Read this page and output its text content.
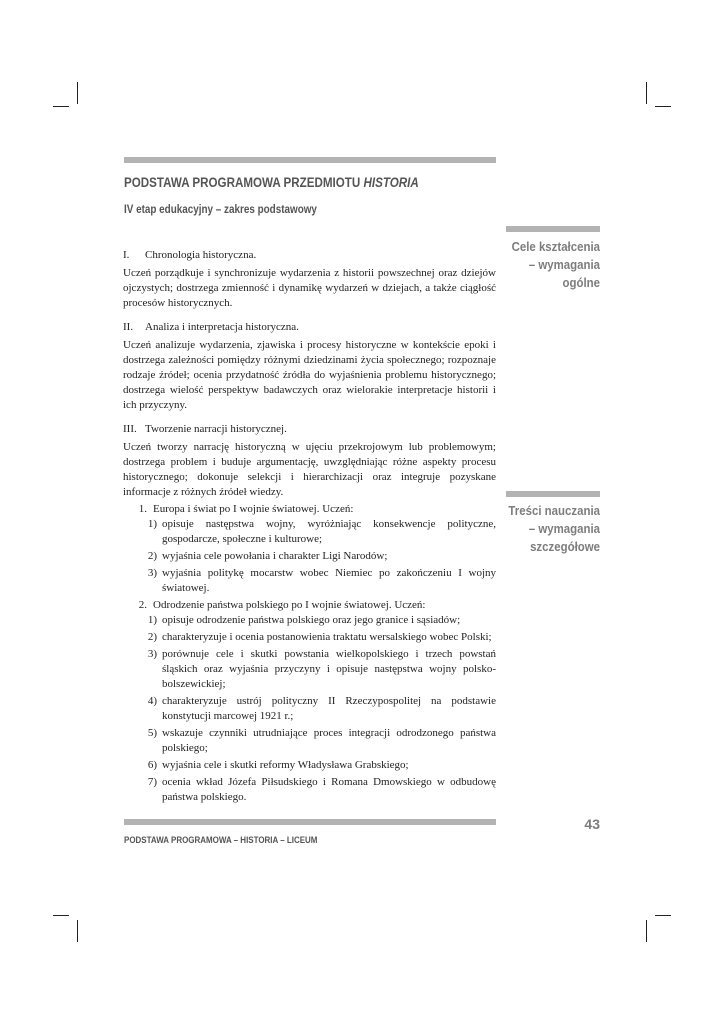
PODSTAWA PROGRAMOWA PRZEDMIOTU HISTORIA
IV etap edukacyjny – zakres podstawowy
Cele kształcenia
– wymagania
ogólne

I. Chronologia historyczna.

Uczeń porządkuje i synchronizuje wydarzenia z historii powszechnej oraz dziejów ojczystych; dostrzega zmienność i dynamikę wydarzeń w dziejach, a także ciągłość procesów historycznych.

II. Analiza i interpretacja historyczna.

Uczeń analizuje wydarzenia, zjawiska i procesy historyczne w kontekście epoki i dostrzega zależności pomiędzy różnymi dziedzinami życia społecznego; rozpoznaje rodzaje źródeł; ocenia przydatność źródła do wyjaśnienia problemu historycznego; dostrzega wielość perspektyw badawczych oraz wielorakie interpretacje historii i ich przyczyny.

III. Tworzenie narracji historycznej.

Uczeń tworzy narrację historyczną w ujęciu przekrojowym lub problemowym; dostrzega problem i buduje argumentację, uwzględniając różne aspekty procesu historycznego; dokonuje selekcji i hierarchizacji oraz integruje pozyskane informacje z różnych źródeł wiedzy.

Treści nauczania
– wymagania
szczegółowe
1. Europa i świat po I wojnie światowej. Uczeń:
1) opisuje następstwa wojny, wyróżniając konsekwencje polityczne, gospodarcze, społeczne i kulturowe;
2) wyjaśnia cele powołania i charakter Ligi Narodów;
3) wyjaśnia politykę mocarstw wobec Niemiec po zakończeniu I wojny światowej.
2. Odrodzenie państwa polskiego po I wojnie światowej. Uczeń:
1) opisuje odrodzenie państwa polskiego oraz jego granice i sąsiadów;
2) charakteryzuje i ocenia postanowienia traktatu wersalskiego wobec Polski;
3) porównuje cele i skutki powstania wielkopolskiego i trzech powstań śląskich oraz wyjaśnia przyczyny i opisuje następstwa wojny polsko-bolszewickiej;
4) charakteryzuje ustrój polityczny II Rzeczypospolitej na podstawie konstytucji marcowej 1921 r.;
5) wskazuje czynniki utrudniające proces integracji odrodzonego państwa polskiego;
6) wyjaśnia cele i skutki reformy Władysława Grabskiego;
7) ocenia wkład Józefa Piłsudskiego i Romana Dmowskiego w odbudowę państwa polskiego.
43
PODSTAWA PROGRAMOWA – HISTORIA – LICEUM
